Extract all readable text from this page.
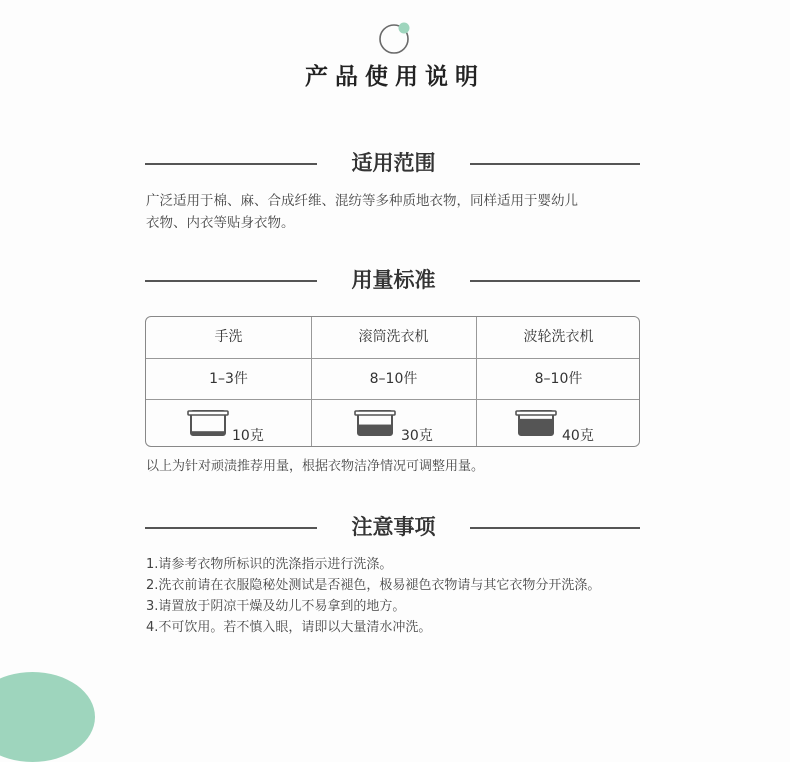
产品使用说明
适用范围
广泛适用于棉、麻、合成纤维、混纺等多种质地衣物，同样适用于婴幼儿
衣物、内衣等贴身衣物。
用量标准
手洗
1–3件
10克
滚筒洗衣机
8–10件
30克
波轮洗衣机
8–10件
40克
以上为针对顽渍推荐用量，根据衣物洁净情况可调整用量。
注意事项
1.请参考衣物所标识的洗涤指示进行洗涤。
2.洗衣前请在衣服隐秘处测试是否褪色，极易褪色衣物请与其它衣物分开洗涤。
3.请置放于阴凉干燥及幼儿不易拿到的地方。
4.不可饮用。若不慎入眼，请即以大量清水冲洗。
